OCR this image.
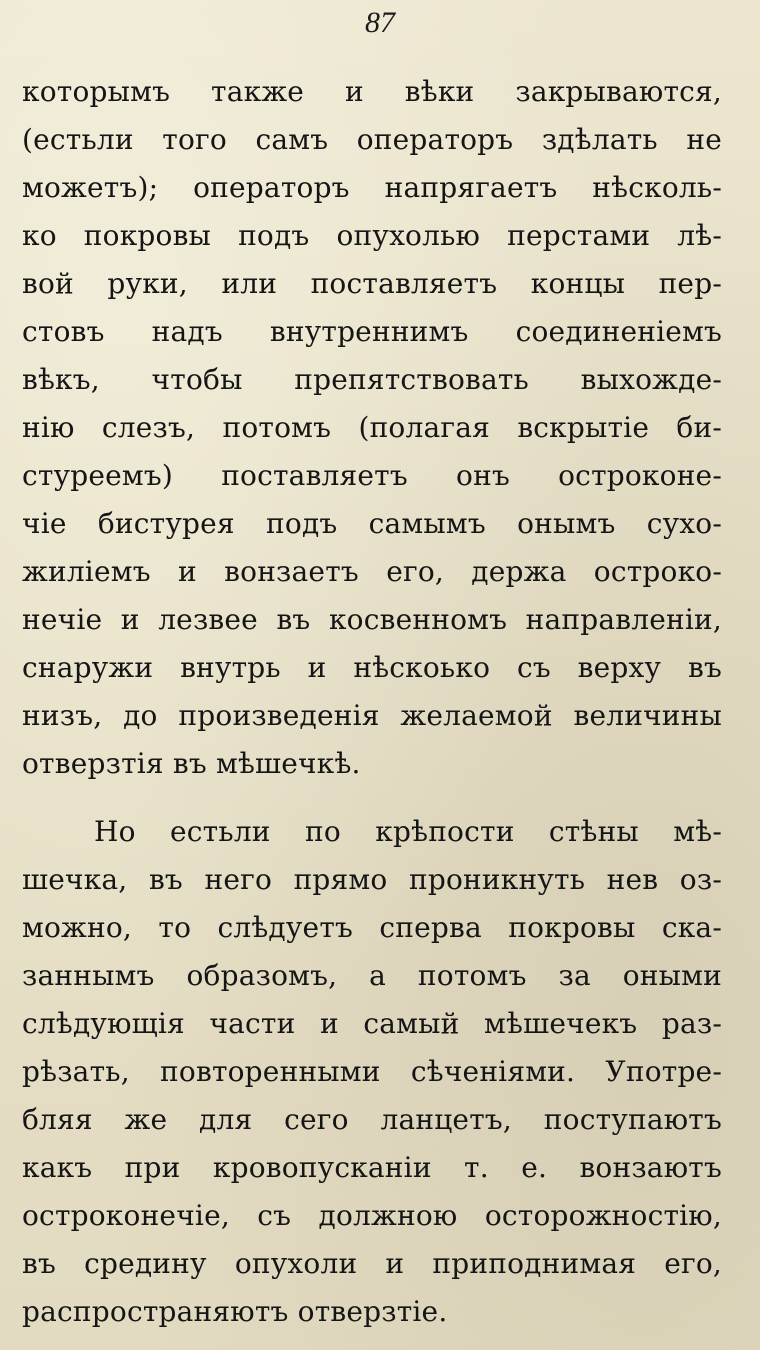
87
которымъ также и вѣки закрываются,
(естьли того самъ операторъ здѣлать не
можетъ); операторъ напрягаетъ нѣсколь-
ко покровы подъ опухолью перстами лѣ-
вой руки, или поставляетъ концы пер-
стовъ надъ внутреннимъ соединеніемъ
вѣкъ, чтобы препятствовать выхожде-
нію слезъ, потомъ (полагая вскрытіе би-
стуреемъ) поставляетъ онъ остроконе-
чіе бистурея подъ самымъ онымъ сухо-
жиліемъ и вонзаетъ его, держа остроко-
нечіе и лезвее въ косвенномъ направленіи,
снаружи внутрь и нѣскоько съ верху въ
низъ, до произведенія желаемой величины
отверзтія въ мѣшечкѣ.
Но естьли по крѣпости стѣны мѣ-
шечка, въ него прямо проникнуть нев оз-
можно, то слѣдуетъ сперва покровы ска-
заннымъ образомъ, а потомъ за оными
слѣдующія части и самый мѣшечекъ раз-
рѣзать, повторенными сѣченіями. Употре-
бляя же для сего ланцетъ, поступаютъ
какъ при кровопусканіи т. е. вонзаютъ
остроконечіе, съ должною осторожностію,
въ средину опухоли и приподнимая его,
распространяютъ отверзтіе.
